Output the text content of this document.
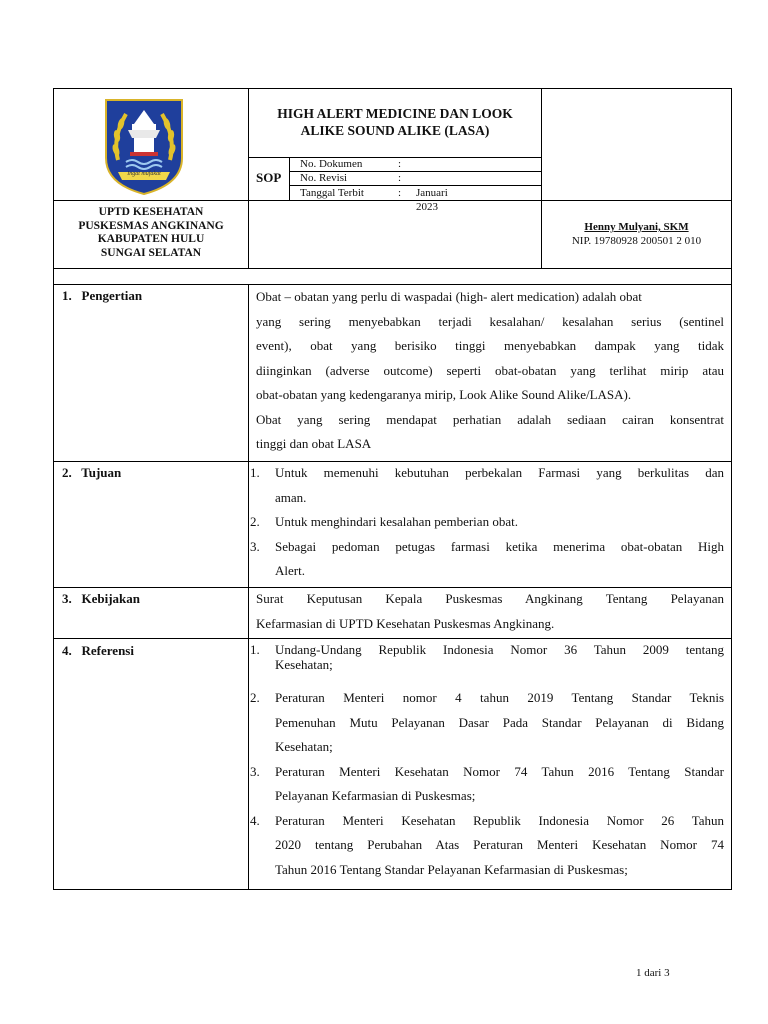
Ingat mufakat
HIGH ALERT MEDICINE DAN LOOK
ALIKE SOUND ALIKE (LASA)
SOP
No. Dokumen	:
No. Revisi	:
Tanggal Terbit	: Januari 2023
UPTD KESEHATAN
PUSKESMAS ANGKINANG
KABUPATEN HULU
SUNGAI SELATAN
Henny Mulyani, SKM
NIP. 19780928 200501 2 010
1.   Pengertian	Obat – obatan yang perlu di waspadai (high- alert medication) adalah obat
yang sering menyebabkan terjadi kesalahan/ kesalahan serius (sentinel
event), obat yang berisiko tinggi menyebabkan dampak yang tidak
diinginkan (adverse outcome) seperti obat-obatan yang terlihat mirip atau
obat-obatan yang kedengaranya mirip, Look Alike Sound Alike/LASA).
Obat yang sering mendapat perhatian adalah sediaan cairan konsentrat
tinggi dan obat LASA
2.   Tujuan	1. Untuk memenuhi kebutuhan perbekalan Farmasi yang berkulitas dan
aman.
2. Untuk menghindari kesalahan pemberian obat.
3. Sebagai pedoman petugas farmasi ketika menerima obat-obatan High
Alert.
3.   Kebijakan	Surat Keputusan Kepala Puskesmas Angkinang Tentang Pelayanan
Kefarmasian di UPTD Kesehatan Puskesmas Angkinang.
4.   Referensi	1. Undang-Undang Republik Indonesia Nomor 36 Tahun 2009 tentang
Kesehatan;
2. Peraturan Menteri nomor 4 tahun 2019 Tentang Standar Teknis
Pemenuhan Mutu Pelayanan Dasar Pada Standar Pelayanan di Bidang
Kesehatan;
3. Peraturan Menteri Kesehatan Nomor 74 Tahun 2016 Tentang Standar
Pelayanan Kefarmasian di Puskesmas;
4. Peraturan Menteri Kesehatan Republik Indonesia Nomor 26 Tahun
2020 tentang Perubahan Atas Peraturan Menteri Kesehatan Nomor 74
Tahun 2016 Tentang Standar Pelayanan Kefarmasian di Puskesmas;
1 dari 3
